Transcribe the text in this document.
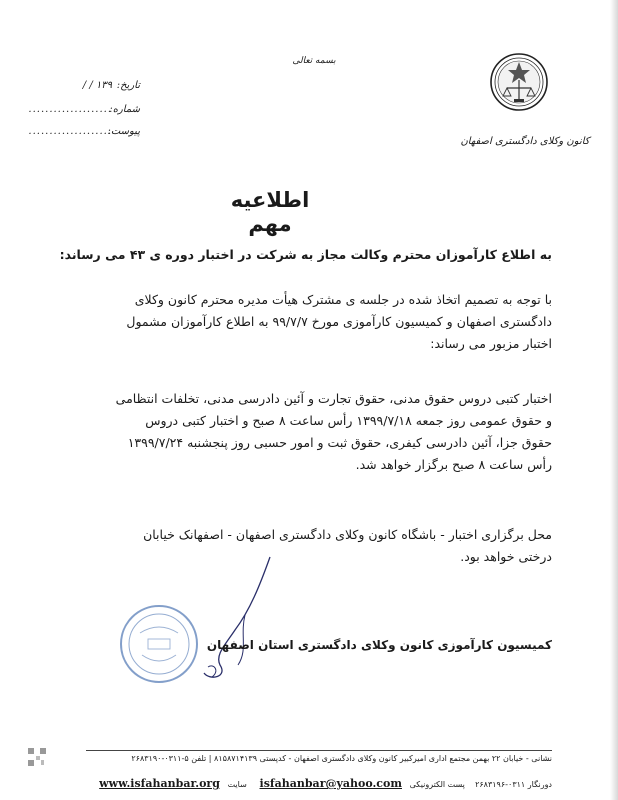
بسمه تعالی
کانون وکلای دادگستری اصفهان
تاریخ:
۱۳۹ / /
شماره:
....................
پیوست:
....................
اطلاعیه مهم
به اطلاع کارآموزان محترم وکالت مجاز به شرکت در اختبار دوره ی ۴۳ می رساند:
با توجه به تصمیم اتخاذ شده در جلسه ی مشترک هیأت مدیره محترم کانون وکلای
دادگستری اصفهان و کمیسیون کارآموزی مورخ ۹۹/۷/۷ به اطلاع کارآموزان مشمول
اختبار مزبور می رساند:
اختبار کتبی دروس حقوق مدنی، حقوق تجارت و آئین دادرسی مدنی، تخلفات انتظامی
و حقوق عمومی روز جمعه ۱۳۹۹/۷/۱۸ رأس ساعت ۸ صبح و اختبار کتبی دروس
حقوق جزا، آئین دادرسی کیفری، حقوق ثبت و امور حسبی روز پنجشنبه ۱۳۹۹/۷/۲۴
رأس ساعت ۸ صبح برگزار خواهد شد.
محل برگزاری اختبار - باشگاه کانون وکلای دادگستری اصفهان - اصفهانک خیابان
درختی خواهد بود.
کمیسیون کارآموزی کانون وکلای دادگستری استان اصفهان
نشانی - خیابان ۲۲ بهمن مجتمع اداری امیرکبیر کانون وکلای دادگستری اصفهان - کدپستی ۸۱۵۸۷۱۴۱۳۹ | تلفن ۵-۰۳۱۱-۲۶۸۳۱۹۰
دورنگار ۰۳۱۱-۲۶۸۳۱۹۶    پست الکترونیکی   isfahanbar@yahoo.com     سایت   www.isfahanbar.org
